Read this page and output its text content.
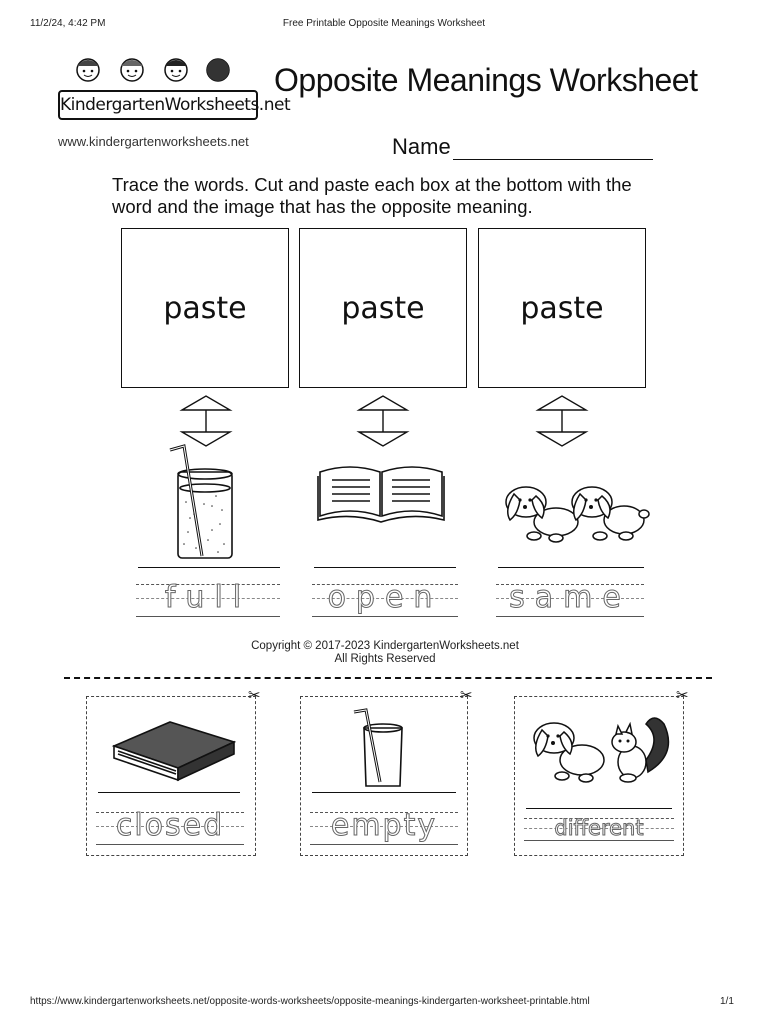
11/2/24, 4:42 PM	Free Printable Opposite Meanings Worksheet
KindergartenWorksheets.net
www.kindergartenworksheets.net
Opposite Meanings Worksheet
Name
Trace the words. Cut and paste each box at the bottom with the word and the image that has the opposite meaning.
paste	paste	paste
full	open	same
Copyright © 2017-2023 KindergartenWorksheets.net
All Rights Reserved
✂	✂	✂
closed	empty	different
https://www.kindergartenworksheets.net/opposite-words-worksheets/opposite-meanings-kindergarten-worksheet-printable.html	1/1
